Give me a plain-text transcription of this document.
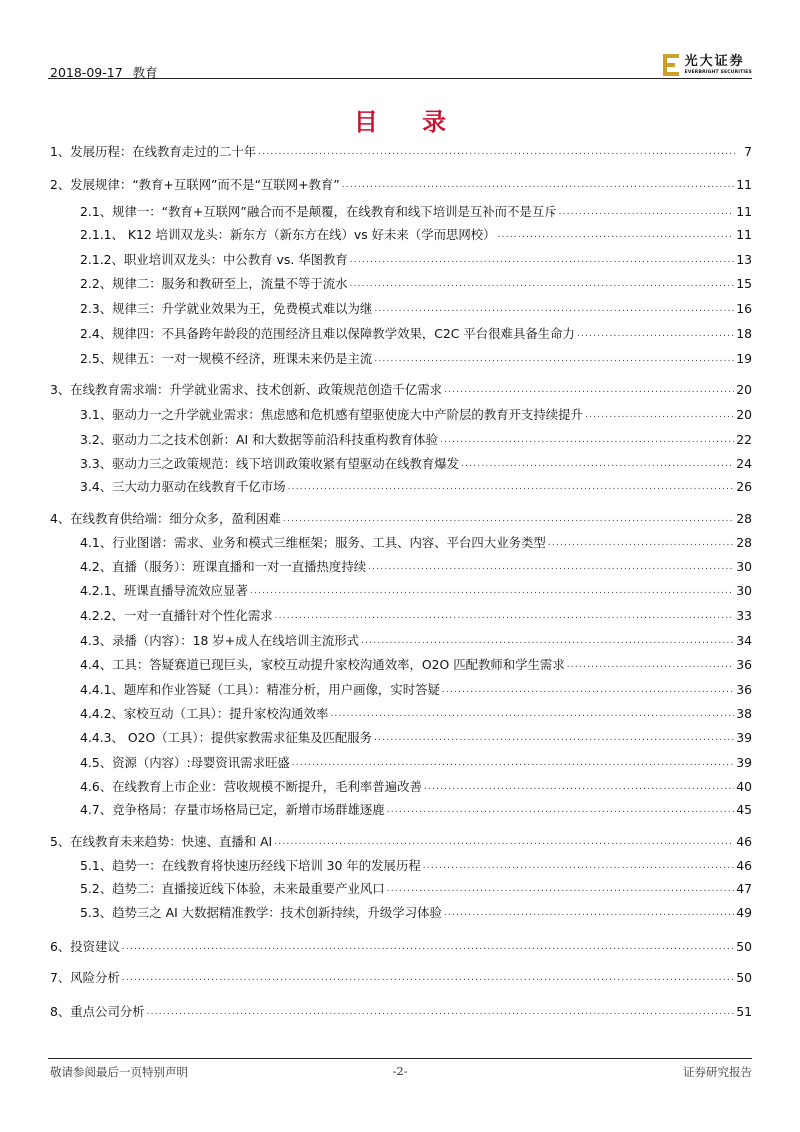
2018-09-17 教育
光大证券
EVERBRIGHT SECURITIES
目 录
1、发展历程：在线教育走过的二十年 .....	7
2、发展规律：“教育+互联网”而不是“互联网+教育” .....	11
2.1、规律一：“教育+互联网”融合而不是颠覆，在线教育和线下培训是互补而不是互斥 .....	11
2.1.1、 K12 培训双龙头：新东方（新东方在线）vs 好未来（学而思网校） .....	11
2.1.2、职业培训双龙头：中公教育 vs. 华图教育 .....	13
2.2、规律二：服务和教研至上，流量不等于流水 .....	15
2.3、规律三：升学就业效果为王，免费模式难以为继 .....	16
2.4、规律四：不具备跨年龄段的范围经济且难以保障教学效果，C2C 平台很难具备生命力 .....	18
2.5、规律五：一对一规模不经济，班课未来仍是主流 .....	19
3、在线教育需求端：升学就业需求、技术创新、政策规范创造千亿需求 .....	20
3.1、驱动力一之升学就业需求：焦虑感和危机感有望驱使庞大中产阶层的教育开支持续提升 .....	20
3.2、驱动力二之技术创新：AI 和大数据等前沿科技重构教育体验 .....	22
3.3、驱动力三之政策规范：线下培训政策收紧有望驱动在线教育爆发 .....	24
3.4、三大动力驱动在线教育千亿市场 .....	26
4、在线教育供给端：细分众多，盈利困难 .....	28
4.1、行业图谱：需求、业务和模式三维框架；服务、工具、内容、平台四大业务类型 .....	28
4.2、直播（服务）：班课直播和一对一直播热度持续 .....	30
4.2.1、班课直播导流效应显著 .....	30
4.2.2、一对一直播针对个性化需求 .....	33
4.3、录播（内容）：18 岁+成人在线培训主流形式 .....	34
4.4、工具：答疑赛道已现巨头，家校互动提升家校沟通效率，O2O 匹配教师和学生需求 .....	36
4.4.1、题库和作业答疑（工具）：精准分析，用户画像，实时答疑 .....	36
4.4.2、家校互动（工具）：提升家校沟通效率 .....	38
4.4.3、 O2O（工具）：提供家教需求征集及匹配服务 .....	39
4.5、资源（内容）:母婴资讯需求旺盛 .....	39
4.6、在线教育上市企业：营收规模不断提升，毛利率普遍改善 .....	40
4.7、竞争格局：存量市场格局已定，新增市场群雄逐鹿 .....	45
5、在线教育未来趋势：快速、直播和 AI .....	46
5.1、趋势一：在线教育将快速历经线下培训 30 年的发展历程 .....	46
5.2、趋势二：直播接近线下体验，未来最重要产业风口 .....	47
5.3、趋势三之 AI 大数据精准教学：技术创新持续，升级学习体验 .....	49
6、投资建议 .....	50
7、风险分析 .....	50
8、重点公司分析 .....	51
敬请参阅最后一页特别声明	-2-	证券研究报告
